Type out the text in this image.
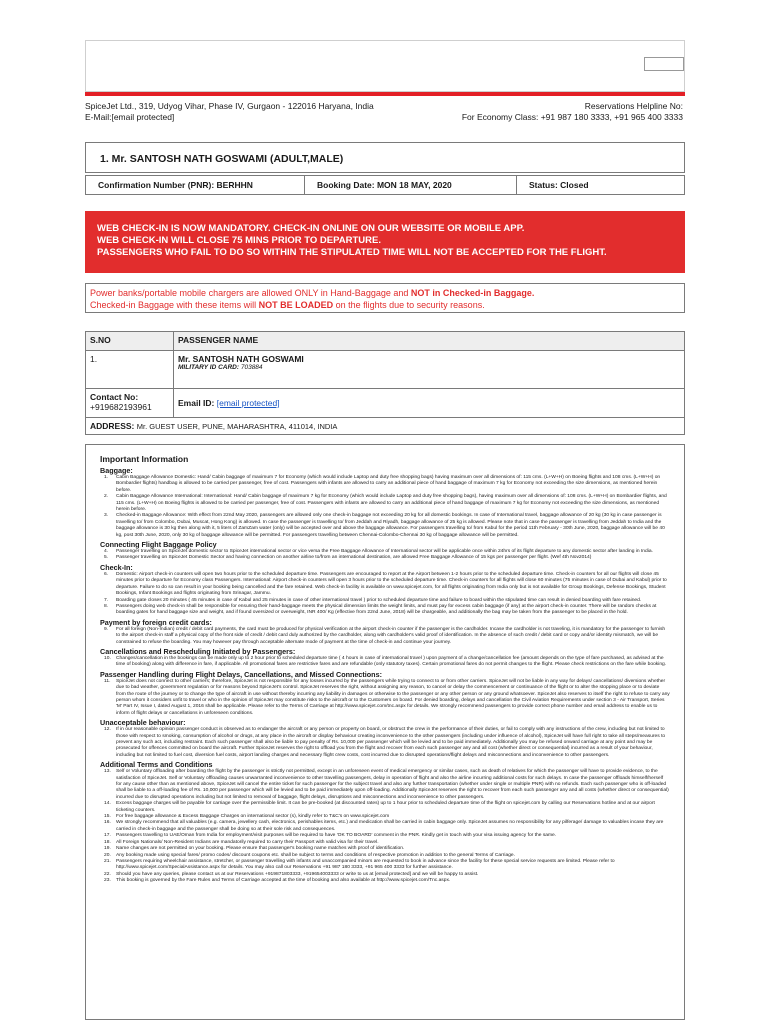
SpiceJet Ltd., 319, Udyog Vihar, Phase IV, Gurgaon - 122016 Haryana, India
E-Mail:[email protected]
Reservations Helpline No:
For Economy Class: +91 987 180 3333, +91 965 400 3333
1. Mr. SANTOSH NATH GOSWAMI (ADULT,MALE)
Confirmation Number (PNR): BERHHN	Booking Date: MON 18 MAY, 2020	Status: Closed
WEB CHECK-IN IS NOW MANDATORY. CHECK-IN ONLINE ON OUR WEBSITE OR MOBILE APP.
WEB CHECK-IN WILL CLOSE 75 MINS PRIOR TO DEPARTURE.
PASSENGERS WHO FAIL TO DO SO WITHIN THE STIPULATED TIME WILL NOT BE ACCEPTED FOR THE FLIGHT.
Power banks/portable mobile chargers are allowed ONLY in Hand-Baggage and NOT in Checked-in Baggage.
Checked-in Baggage with these items will NOT BE LOADED on the flights due to security reasons.
S.NO	PASSENGER NAME
1.	Mr. SANTOSH NATH GOSWAMI
MILITARY ID CARD: 703884

Contact No:
+919682193961	Email ID: [email protected]
ADDRESS: Mr. GUEST USER, PUNE, MAHARASHTRA, 411014, INDIA	
Important Information
Baggage:
1. Cabin Baggage Allowance Domestic: Hand/ Cabin baggage of maximum 7 for Economy (which would include Laptop and duty free shopping bags) having maximum over all dimensions of: 115 cms. (L+W+H) on Boeing flights and 108 cms. (L+W+H) on Bombardier flights) handbag is allowed to be carried per passenger, free of cost. Passengers with infants are allowed to carry an additional piece of hand baggage of maximum 7 kg for Economy not exceeding the size dimensions, as mentioned herein before.
2. Cabin Baggage Allowance International: International: Hand/ Cabin baggage of maximum 7 kg for Economy (which would include Laptop and duty free shopping bags), having maximum over all dimensions of: 108 cms. (L+W+H) on Bombardier flights, and 115 cms. (L+W+H) on Boeing flights is allowed to be carried per passenger, free of cost. Passengers with infants are allowed to carry an additional piece of hand baggage of maximum 7 kg for Economy not exceeding the size dimensions, as mentioned herein before.
3. Checked-in Baggage Allowance: With effect from 22nd May 2020, passengers are allowed only one check-in baggage not exceeding 20 kg for all domestic bookings. In case of International travel, baggage allowance of 20 kg (30 kg in case passenger is travelling to/ from Colombo, Dubai, Muscat, Hong Kong) is allowed. In case the passenger is travelling to/ from Jeddah and Riyadh, baggage allowance of 25 kg is allowed. Please note that in case the passenger is travelling from Jeddah to India and the baggage allowance is 30 kg then along with it, 5 liters of ZamZam water (only) will be accepted over and above the baggage allowance. For passengers travelling to/ from Kabul for the period 11th February - 30th June, 2020, baggage allowance will be 40 kg, post 30th June, 2020, only 30 kg of baggage allowance will be permitted. For passengers travelling between Chennai-Colombo-Chennai 30 kg of baggage allowance will be permitted.
Connecting Flight Baggage Policy
4. Passenger travelling on SpiceJet domestic sector to SpiceJet international sector or vice versa the Free Baggage Allowance of International sector will be applicable once within 24hrs of its flight departure to any domestic sector after landing in India.
5. Passenger travelling on SpiceJet Domestic Sector and having connection on another airline to/from an international destination, are allowed Free Baggage Allowance of 15 kgs per passenger per flight. (Wef 4th Nov2014)
Check-In:
6. Domestic: Airport check-in counters will open two hours prior to the scheduled departure time. Passengers are encouraged to report at the Airport between 1-2 hours prior to the scheduled departure time. Check-in counters for all our flights will close 45 minutes prior to departure for Economy class Passengers. International: Airport check-in counters will open 3 hours prior to the scheduled departure time. Check-in counters for all flights will close 60 minutes (75 minutes in case of Dubai and Kabul) prior to departure. Failure to do so can result in your booking being cancelled and the fare retained. Web check-in facility is available on www.spicejet.com, for all flights originating from India only but is not available for Group Bookings, Defense Bookings, Student Bookings, Infant Bookings and flights originating from Srinagar, Jammu.
7. Boarding gate closes 20 minutes ( 45 minutes in case of Kabul and 25 minutes in case of other international travel ) prior to scheduled departure time and failure to board within the stipulated time can result in denied boarding with fare retained.
8. Passengers doing web check-in shall be responsible for ensuring their hand-baggage meets the physical dimension limits the weight limits, and must pay for excess cabin baggage (if any) at the airport check-in counter. There will be random checks at boarding gates for hand baggage size and weight, and if found oversized or overweight, INR 400/ Kg (effective from 22nd June, 2018) will be chargeable, and additionally the bag may be taken from the passenger to be placed in the hold.
Payment by foreign credit cards:
9. For all foreign (Non-Indian) credit / debit card payments, the card must be produced for physical verification at the airport check-in counter if the passenger is the cardholder. Incase the cardholder is not traveling, it is mandatory for the passenger to furnish to the airport check-in staff a physical copy of the front side of credit / debit card duly authorized by the cardholder, along with cardholder's valid proof of identification. In the absence of such credit / debit card or copy and/or identity mismatch, we will be constrained to refuse the boarding. You may however pay through acceptable alternate mode of payment at the time of check-in and continue your journey.
Cancellations and Rescheduling Initiated by Passengers:
10. Changes/cancellation in the bookings can be made only up to 2 hour prior to scheduled departure time ( 4 hours in case of international travel ) upon payment of a change/cancellation fee (amount depends on the type of fare purchased, as advised at the time of booking) along with difference in fare, if applicable. All promotional fares are restrictive fares and are refundable (only statutory taxes). Certain promotional fares do not permit changes to the flight. Please check restrictions on the fare while booking.
Passenger Handling during Flight Delays, Cancellations, and Missed Connections:
11. SpiceJet does not connect to other carriers; therefore, SpiceJet is not responsible for any losses incurred by the passengers while trying to connect to or from other carriers. SpiceJet will not be liable in any way for delays/ cancellations/ diversions whether due to bad weather, government regulation or for reasons beyond SpiceJet's control. SpiceJet reserves the right, without assigning any reason, to cancel or delay the commencement or continuance of the flight or to alter the stopping place or to deviate from the route of the journey or to change the type of aircraft in use without thereby incurring any liability in damages or otherwise to the passenger or any other person or any ground whatsoever. SpiceJet also reserves to itself the right to refuse to carry any person whom it considers unfit to travel or who in the opinion of SpiceJet may constitute risks to the aircraft or to the Customers on board. For denied boarding, delays and cancellation the Civil Aviation Requirements under section 3 - Air Transport, Series 'M' Part IV, Issue I, dated August 1, 2016 shall be applicable. Please refer to the Terms of Carriage at http://www.spicejet.com/tnc.aspx for details. We strongly recommend passengers to provide correct phone number and email address to enable us to inform of flight delays or cancellations in unforeseen conditions.
Unacceptable behaviour:
12. If in our reasonable opinion passenger conduct is observed as to endanger the aircraft or any person or property on board, or obstruct the crew in the performance of their duties, or fail to comply with any instructions of the crew, including but not limited to those with respect to smoking, consumption of alcohol or drugs, at any place in the aircraft or display behaviour creating inconvenience to the other passengers (including under influence of alcohol), SpiceJet will have full right to take all steps/measures to prevent any such act, including restraint. Each such passenger shall also be liable to pay penalty of Rs. 10,000 per passenger which will be levied and to be paid immediately. Additionally you may be refused onward carriage at any point and may be prosecuted for offences committed on board the aircraft. Further SpiceJet reserves the right to offload you from the flight and recover from each such passenger any and all cost (whether direct or consequential) incurred as a result of your behaviour, including but not limited to fuel cost, diversion fuel costs, airport landing charges and necessary flight crew costs, cost incurred due to disrupted operations/flight delays and misconnections and inconvenience to other passengers.
Additional Terms and Conditions
13. Self or Voluntary offloading after boarding the flight by the passenger is strictly not permitted, except in an unforeseen event of medical emergency or similar cases, such as death of relatives for which the passenger will have to provide evidence, to the satisfaction of SpiceJet. Self or Voluntary offloading causes unwarranted inconvenience to other travelling passengers, delay in operation of flight and also the airline incurring additional costs for such delays. In case the passenger offloads himself/herself for any cause other than as mentioned above, SpiceJet will cancel the entire ticket for such passenger for the subject travel and also any further transportation (whether under single or multiple PNR) with no refunds. Each such passenger who is off-loaded shall be liable to a off-loading fee of Rs. 10,000 per passenger which will be levied and to be paid immediately upon off-loading. Additionally SpiceJet reserves the right to recover from each such passenger any and all costs (whether direct or consequential) incurred due to disrupted operations including but not limited to removal of baggage, flight delays, disruptions and misconnections and inconvenience to other passengers.
14. Excess baggage charges will be payable for carriage over the permissible limit. It can be pre-booked (at discounted rates) up to 1 hour prior to scheduled departure time of the flight on spicejet.com by calling our Reservations hotline and at our airport ticketing counters.
15. For free baggage allowance & Excess Baggage Charges on international sector (s), kindly refer to T&C's on www.spicejet.com
16. We strongly recommend that all valuables (e.g. camera, jewellery cash, electronics, perishables items, etc.) and medication shall be carried in cabin baggage only. SpiceJet assumes no responsibility for any pilferage/ damage to valuables incase they are carried in check-in baggage and the passenger shall be doing so at their sole risk and consequences.
17. Passengers travelling to UAE/Oman from India for employment/visit purposes will be required to have 'OK TO BOARD' comment in the PNR. Kindly get in touch with your visa issuing agency for the same.
18. All Foreign Nationals/ Non-Resident Indians are mandatorily required to carry their Passport with valid visa for their travel.
19. Name changes are not permitted on your booking. Please ensure that passenger's booking name matches with proof of identification.
20. Any booking made using special fares/ promo codes/ discount coupons etc. shall be subject to terms and conditions of respective promotion in addition to the general Terms of Carriage.
21. Passengers requiring wheelchair assistance, stretcher, or passenger travelling with infants and unaccompanied minors are requested to book in advance since the facility for these special service requests are limited. Please refer to http://www.spicejet.com/SpecialAssistance.aspx for details. You may also call our Reservations +91 987 180 3333, +91 965 400 3333 for further assistance.
22. Should you have any queries, please contact us at our Reservations +919871803333, +919654003333 or write to us at [email protected] and we will be happy to assist.
23. This booking is governed by the Fare Rules and Terms of Carriage accepted at the time of booking and also available at http://www.spicejet.com/Tnc.aspx.
